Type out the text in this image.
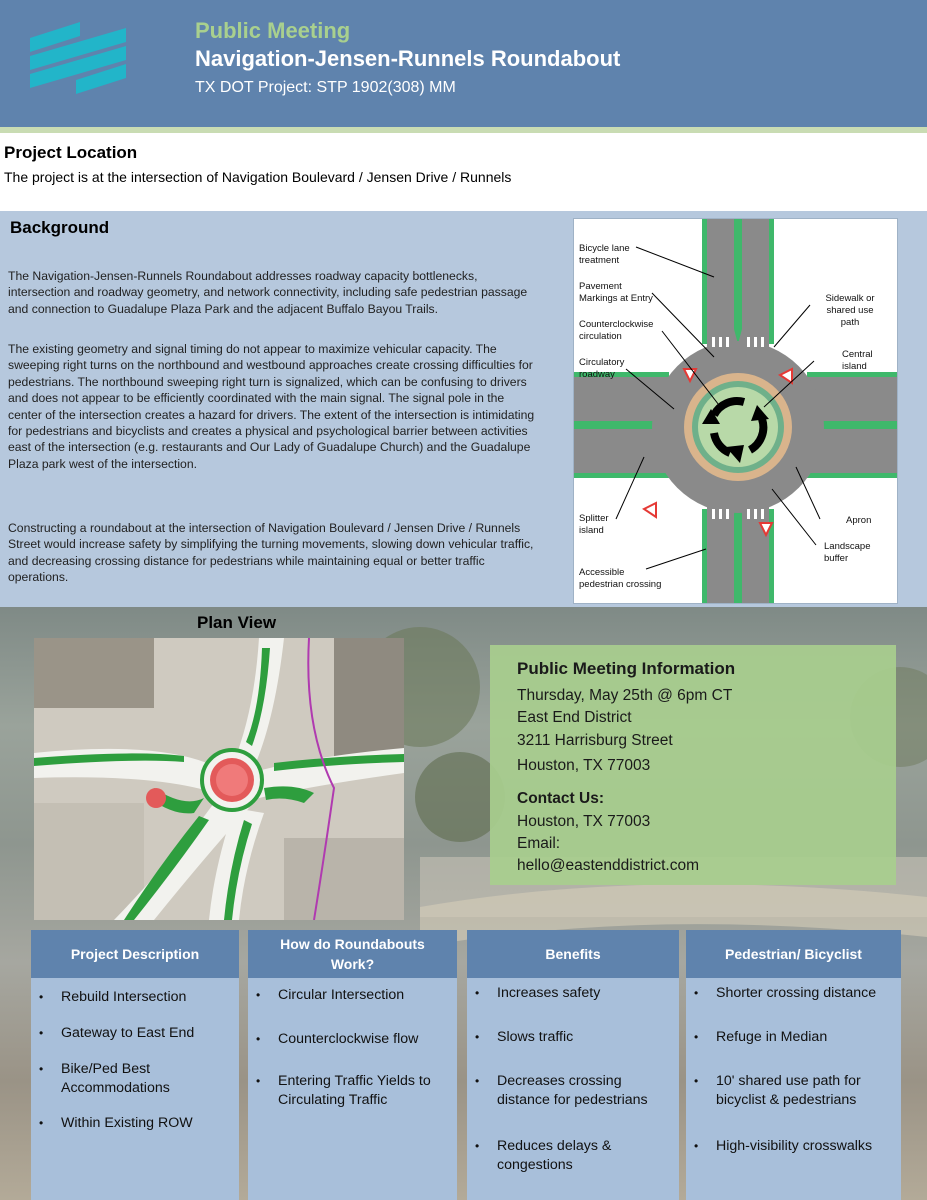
Public Meeting
Navigation-Jensen-Runnels Roundabout
TX DOT Project: STP 1902(308) MM
Project Location
The project is at the intersection of Navigation Boulevard / Jensen Drive / Runnels
Background
The Navigation-Jensen-Runnels Roundabout addresses roadway capacity bottlenecks, intersection and roadway geometry, and network connectivity, including safe pedestrian passage and connection to Guadalupe Plaza Park and the adjacent Buffalo Bayou Trails.
The existing geometry and signal timing do not appear to maximize vehicular capacity. The sweeping right turns on the northbound and westbound approaches create crossing difficulties for pedestrians. The northbound sweeping right turn is signalized, which can be confusing to drivers and does not appear to be efficiently coordinated with the main signal. The signal pole in the center of the intersection creates a hazard for drivers. The extent of the intersection is intimidating for pedestrians and bicyclists and creates a physical and psychological barrier between activities east of the intersection (e.g. restaurants and Our Lady of Guadalupe Church) and the Guadalupe Plaza park west of the intersection.
Constructing a roundabout at the intersection of Navigation Boulevard / Jensen Drive / Runnels Street would increase safety by simplifying the turning movements, slowing down vehicular traffic, and decreasing crossing distance for pedestrians while maintaining equal or better traffic operations.
Bicycle lane
treatment
Pavement
Markings at Entry
Counterclockwise
circulation
Circulatory
roadway
Sidewalk or
shared use
path
Central
island
Splitter
island
Apron
Landscape
buffer
Accessible
pedestrian crossing
Plan View
Public Meeting Information
Thursday, May 25th @ 6pm CT
East End District
3211 Harrisburg Street
Houston, TX 77003
Contact Us:
Houston, TX 77003
Email:
hello@eastenddistrict.com
Project Description
• Rebuild Intersection
• Gateway to East End
• Bike/Ped Best Accommodations
• Within Existing ROW
How do Roundabouts Work?
• Circular Intersection
• Counterclockwise flow
• Entering Traffic Yields to Circulating Traffic
Benefits
• Increases safety
• Slows traffic
• Decreases crossing distance for pedestrians
• Reduces delays & congestions
Pedestrian/ Bicyclist
• Shorter crossing distance
• Refuge in Median
• 10' shared use path for bicyclist & pedestrians
• High-visibility crosswalks
